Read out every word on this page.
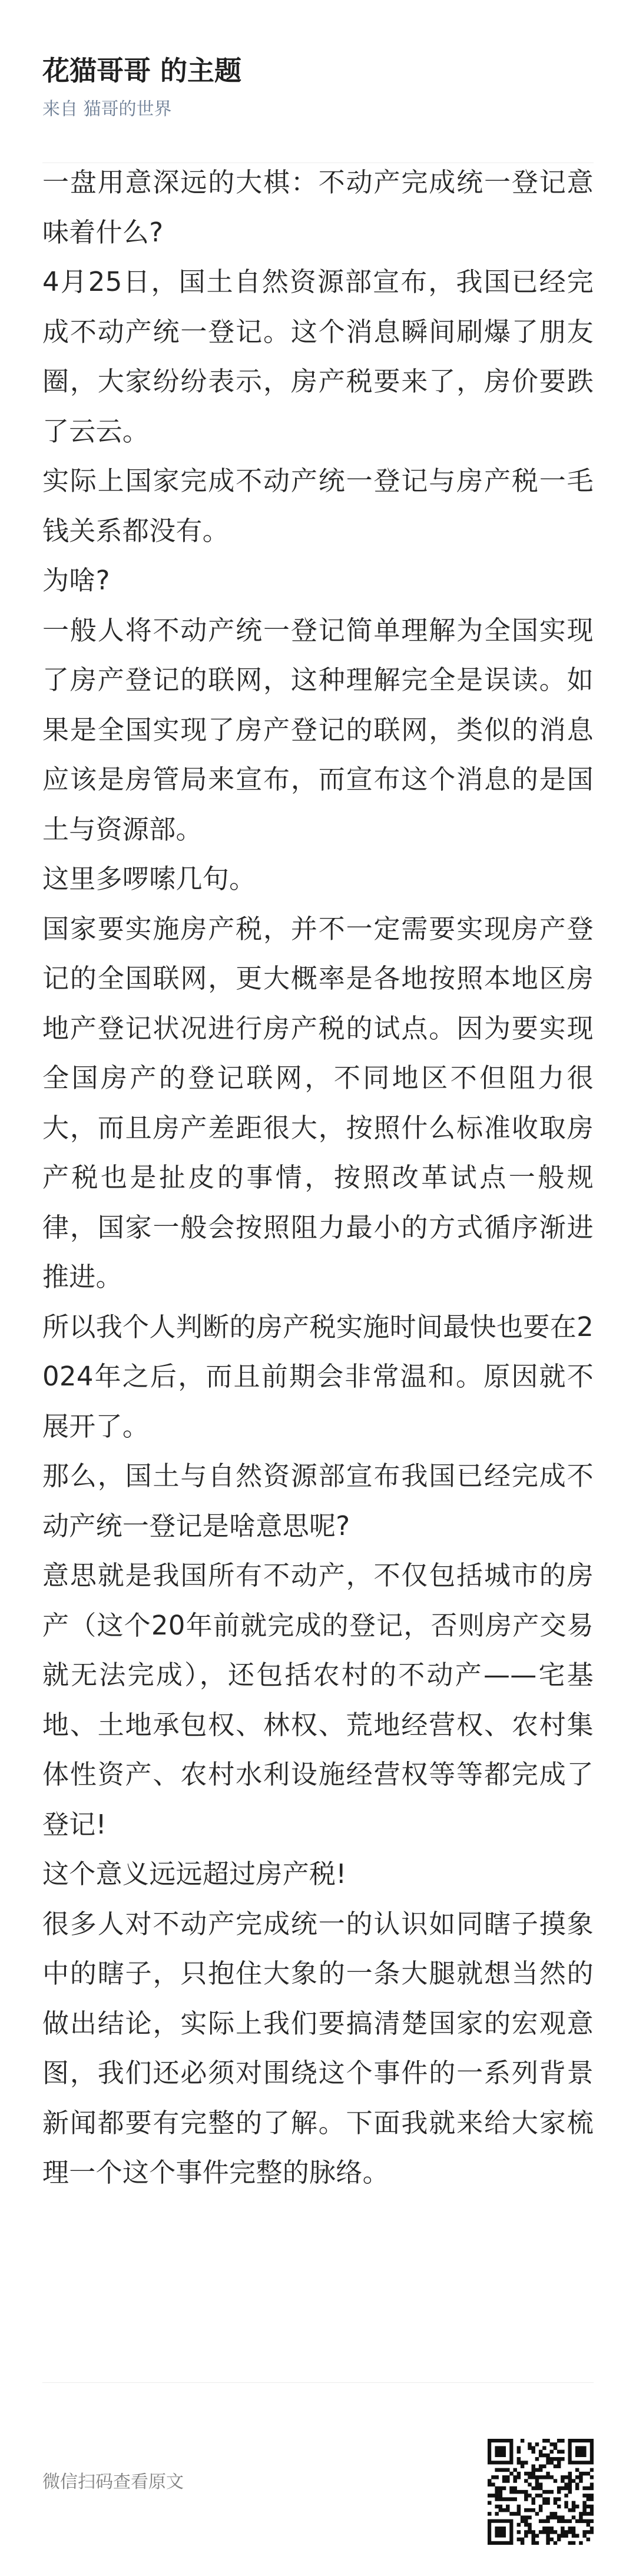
花猫哥哥 的主题
来自 猫哥的世界

一盘用意深远的大棋：不动产完成统一登记意味着什么?

4月25日，国土自然资源部宣布，我国已经完成不动产统一登记。这个消息瞬间刷爆了朋友圈，大家纷纷表示，房产税要来了，房价要跌了云云。

实际上国家完成不动产统一登记与房产税一毛钱关系都没有。

为啥?

一般人将不动产统一登记简单理解为全国实现了房产登记的联网，这种理解完全是误读。如果是全国实现了房产登记的联网，类似的消息应该是房管局来宣布，而宣布这个消息的是国土与资源部。

这里多啰嗦几句。

国家要实施房产税，并不一定需要实现房产登记的全国联网，更大概率是各地按照本地区房地产登记状况进行房产税的试点。因为要实现全国房产的登记联网，不同地区不但阻力很大，而且房产差距很大，按照什么标准收取房产税也是扯皮的事情，按照改革试点一般规律，国家一般会按照阻力最小的方式循序渐进推进。

所以我个人判断的房产税实施时间最快也要在2024年之后，而且前期会非常温和。原因就不展开了。

那么，国土与自然资源部宣布我国已经完成不动产统一登记是啥意思呢?

意思就是我国所有不动产，不仅包括城市的房产（这个20年前就完成的登记，否则房产交易就无法完成），还包括农村的不动产——宅基地、土地承包权、林权、荒地经营权、农村集体性资产、农村水利设施经营权等等都完成了登记!

这个意义远远超过房产税!

很多人对不动产完成统一的认识如同瞎子摸象中的瞎子，只抱住大象的一条大腿就想当然的做出结论，实际上我们要搞清楚国家的宏观意图，我们还必须对围绕这个事件的一系列背景新闻都要有完整的了解。下面我就来给大家梳理一个这个事件完整的脉络。

微信扫码查看原文
